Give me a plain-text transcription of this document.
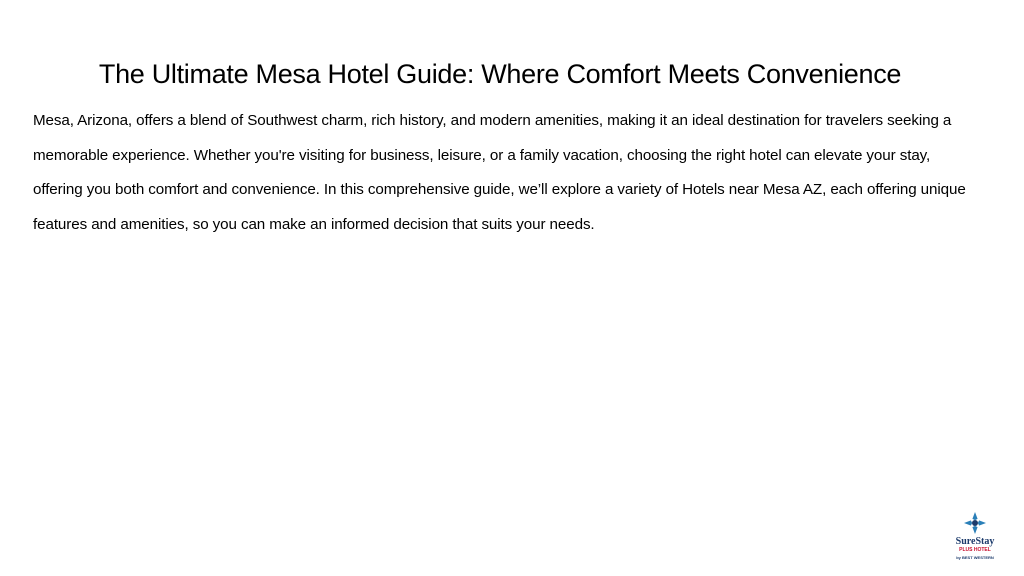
The Ultimate Mesa Hotel Guide: Where Comfort Meets Convenience

Mesa, Arizona, offers a blend of Southwest charm, rich history, and modern amenities, making it an ideal destination for travelers seeking a memorable experience. Whether you're visiting for business, leisure, or a family vacation, choosing the right hotel can elevate your stay, offering you both comfort and convenience. In this comprehensive guide, we’ll explore a variety of Hotels near Mesa AZ, each offering unique features and amenities, so you can make an informed decision that suits your needs.

SureStay
PLUS HOTEL
by BEST WESTERN
